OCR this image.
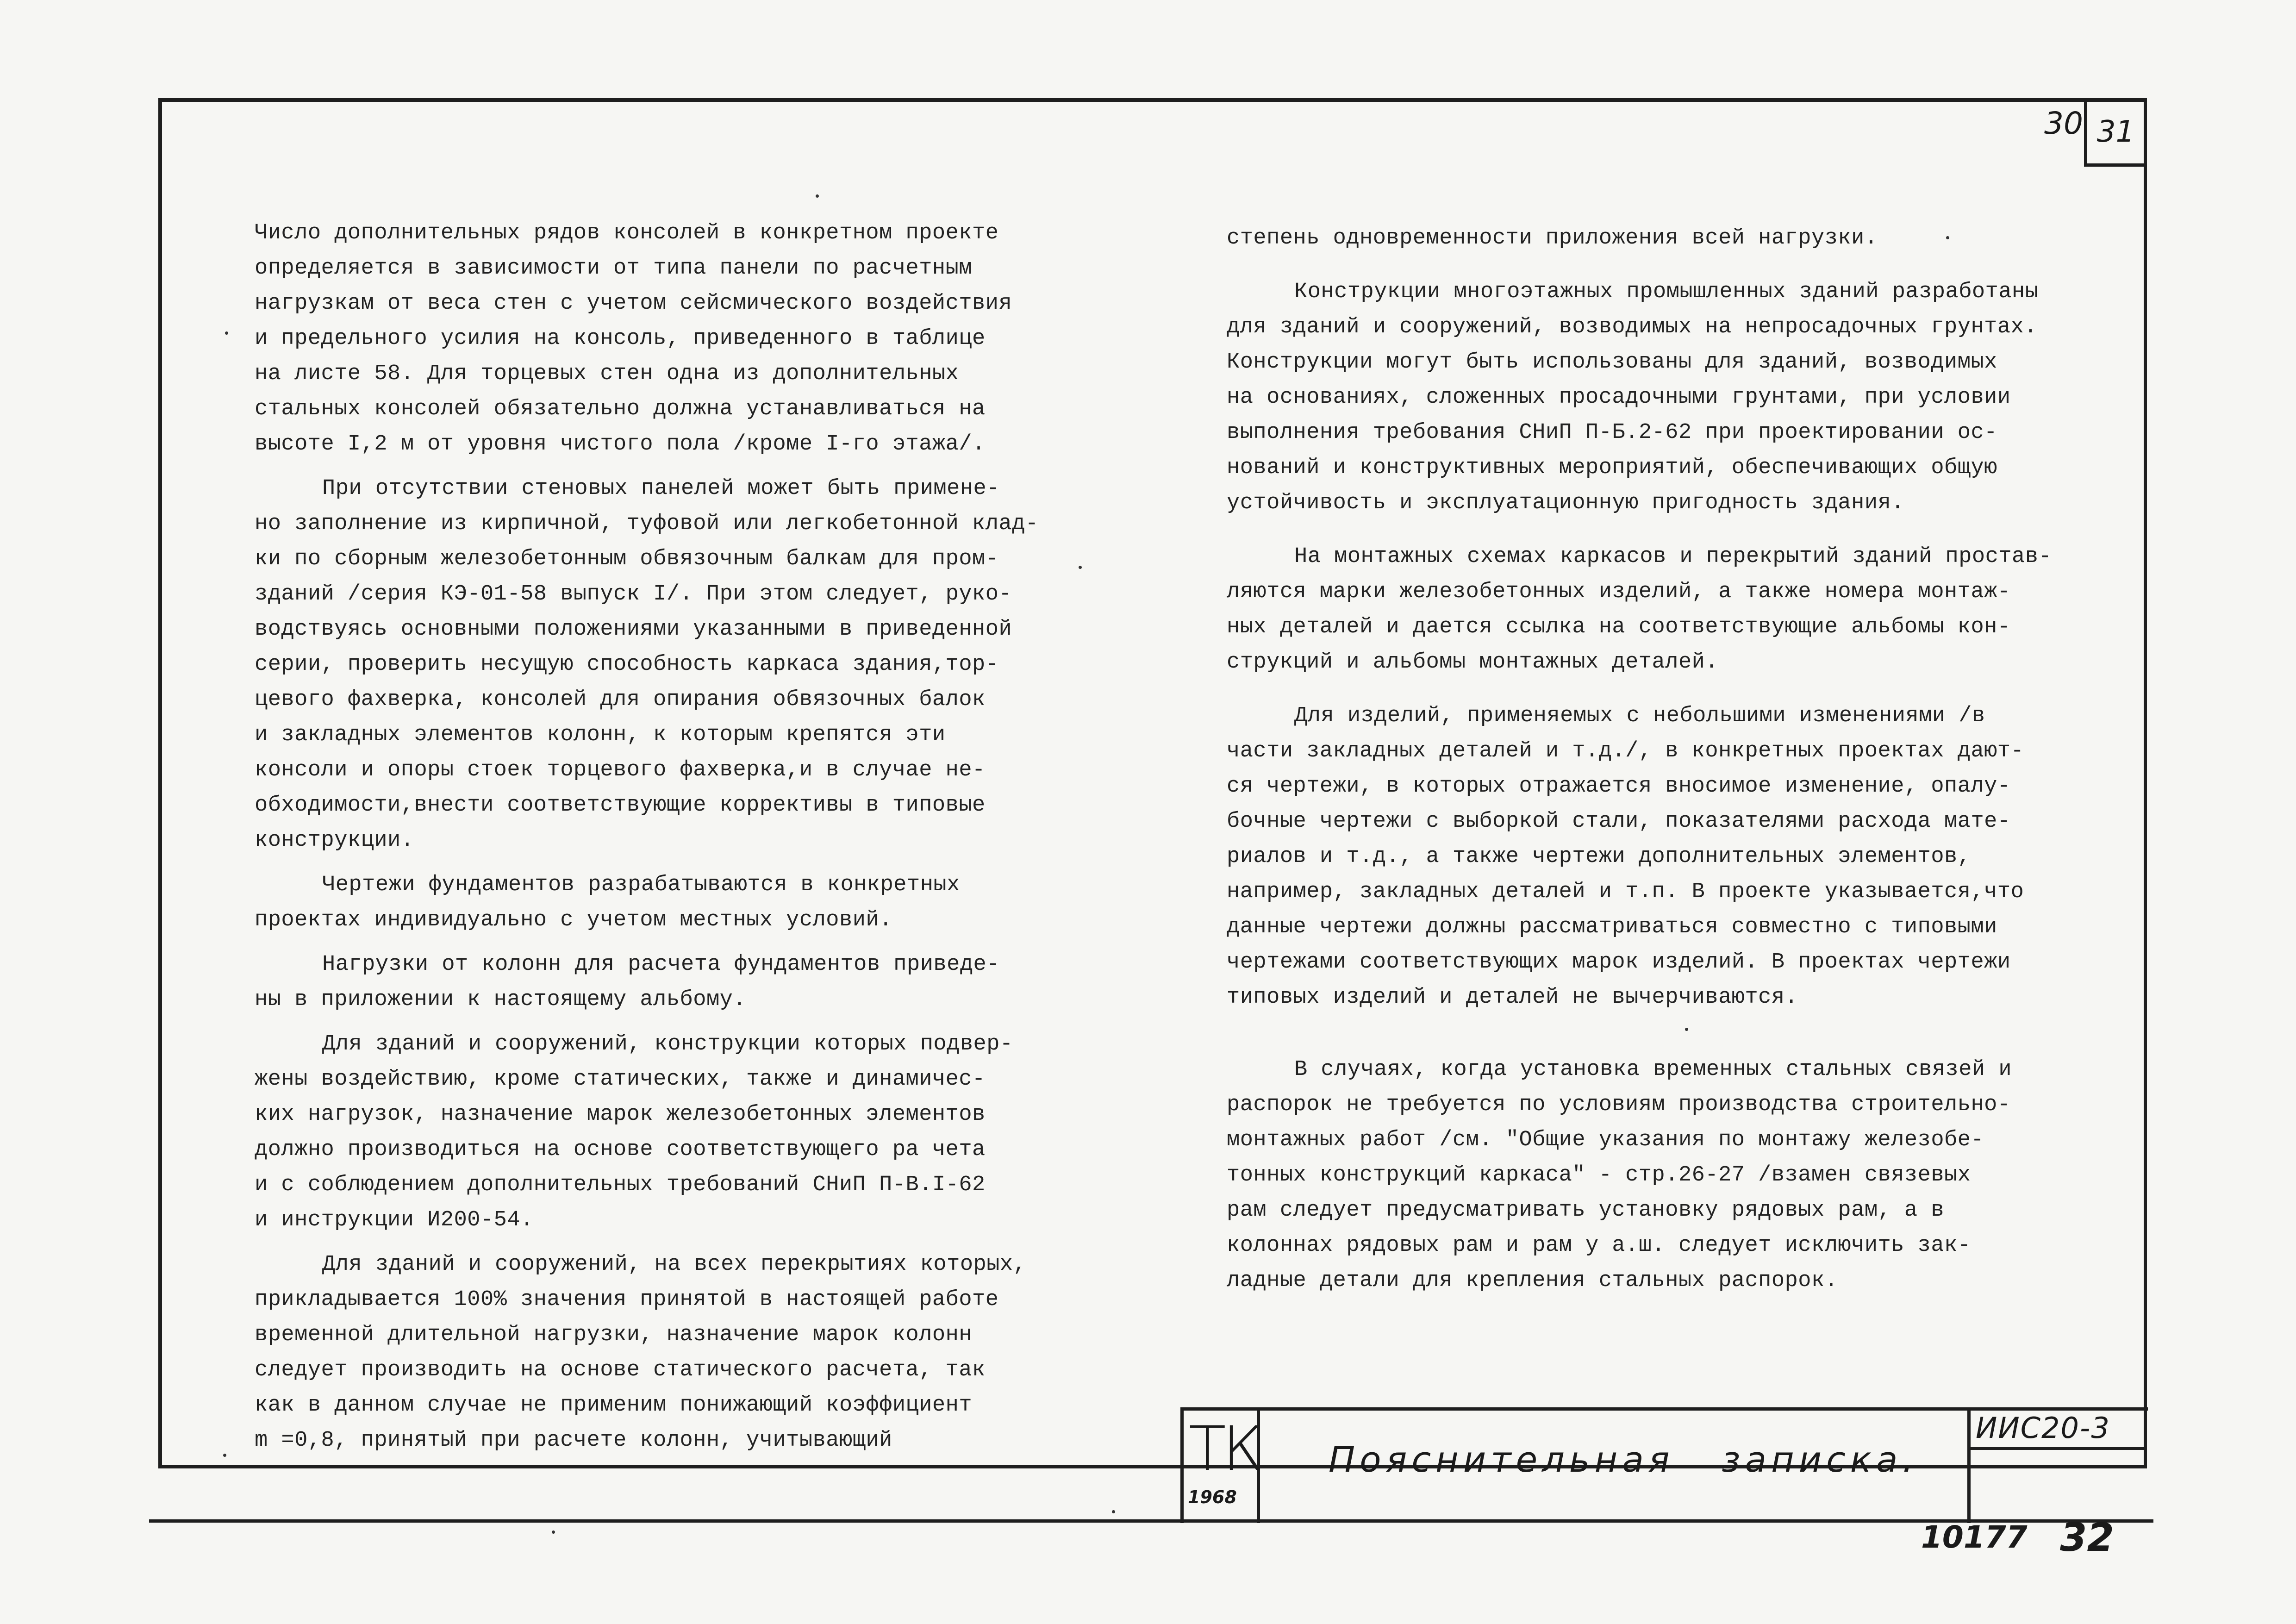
30 31

Число дополнительных рядов консолей в конкретном проекте
определяется в зависимости от типа панели по расчетным
нагрузкам от веса стен с учетом сейсмического воздействия
и предельного усилия на консоль, приведенного в таблице
на листе 58. Для торцевых стен одна из дополнительных
стальных консолей обязательно должна устанавливаться на
высоте I,2 м от уровня чистого пола /кроме I-го этажа/.

При отсутствии стеновых панелей может быть примене-
но заполнение из кирпичной, туфовой или легкобетонной клад-
ки по сборным железобетонным обвязочным балкам для пром-
зданий /серия КЭ-01-58 выпуск I/. При этом следует, руко-
водствуясь основными положениями указанными в приведенной
серии, проверить несущую способность каркаса здания,тор-
цевого фахверка, консолей для опирания обвязочных балок
и закладных элементов колонн, к которым крепятся эти
консоли и опоры стоек торцевого фахверка,и в случае не-
обходимости,внести соответствующие коррективы в типовые
конструкции.

Чертежи фундаментов разрабатываются в конкретных
проектах индивидуально с учетом местных условий.

Нагрузки от колонн для расчета фундаментов приведе-
ны в приложении к настоящему альбому.

Для зданий и сооружений, конструкции которых подвер-
жены воздействию, кроме статических, также и динамичес-
ких нагрузок, назначение марок железобетонных элементов
должно производиться на основе соответствующего ра чета
и с соблюдением дополнительных требований СНиП П-В.I-62
и инструкции И200-54.

Для зданий и сооружений, на всех перекрытиях которых,
прикладывается 100% значения принятой в настоящей работе
временной длительной нагрузки, назначение марок колонн
следует производить на основе статического расчета, так
как в данном случае не применим понижающий коэффициент
m =0,8, принятый при расчете колонн, учитывающий

степень одновременности приложения всей нагрузки.

Конструкции многоэтажных промышленных зданий разработаны
для зданий и сооружений, возводимых на непросадочных грунтах.
Конструкции могут быть использованы для зданий, возводимых
на основаниях, сложенных просадочными грунтами, при условии
выполнения требования СНиП П-Б.2-62 при проектировании ос-
нований и конструктивных мероприятий, обеспечивающих общую
устойчивость и эксплуатационную пригодность здания.

На монтажных схемах каркасов и перекрытий зданий простав-
ляются марки железобетонных изделий, а также номера монтаж-
ных деталей и дается ссылка на соответствующие альбомы кон-
струкций и альбомы монтажных деталей.

Для изделий, применяемых с небольшими изменениями /в
части закладных деталей и т.д./, в конкретных проектах дают-
ся чертежи, в которых отражается вносимое изменение, опалу-
бочные чертежи с выборкой стали, показателями расхода мате-
риалов и т.д., а также чертежи дополнительных элементов,
например, закладных деталей и т.п. В проекте указывается,что
данные чертежи должны рассматриваться совместно с типовыми
чертежами соответствующих марок изделий. В проектах чертежи
типовых изделий и деталей не вычерчиваются.

В случаях, когда установка временных стальных связей и
распорок не требуется по условиям производства строительно-
монтажных работ /см. "Общие указания по монтажу железобе-
тонных конструкций каркаса" - стр.26-27 /взамен связевых
рам следует предусматривать установку рядовых рам, а в
колоннах рядовых рам и рам у а.ш. следует исключить зак-
ладные детали для крепления стальных распорок.

ТК
1968
Пояснительная   записка.
ИИС20-3
10177 32
